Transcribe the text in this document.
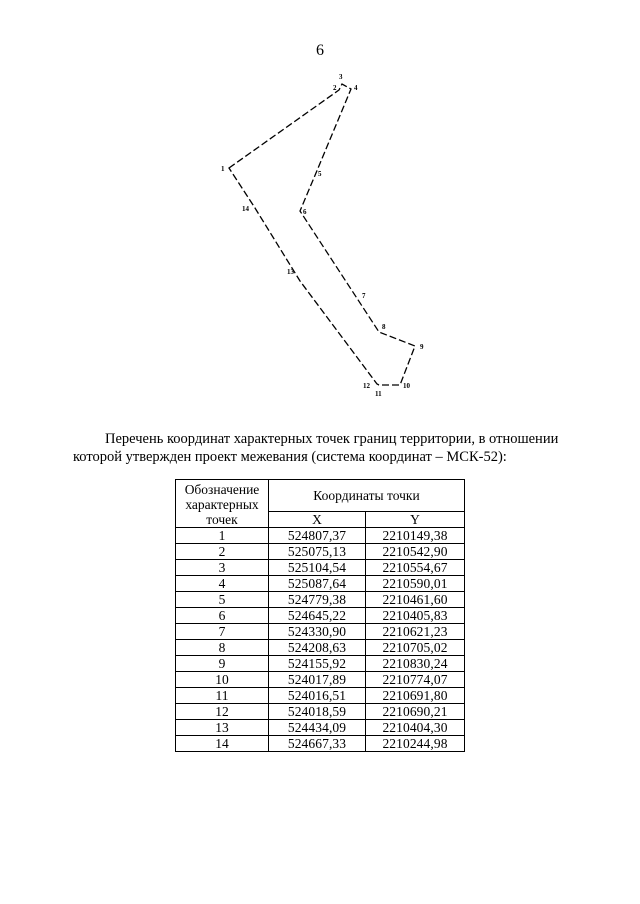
6
1
2
3
4
5
6
7
8
9
10
11
12
13
14
Перечень координат характерных точек границ территории, в отношении
которой утвержден проект межевания (система координат – МСК-52):
Обозначение характерных точек	Координаты точки	
	X	Y
1	524807,37	2210149,38
2	525075,13	2210542,90
3	525104,54	2210554,67
4	525087,64	2210590,01
5	524779,38	2210461,60
6	524645,22	2210405,83
7	524330,90	2210621,23
8	524208,63	2210705,02
9	524155,92	2210830,24
10	524017,89	2210774,07
11	524016,51	2210691,80
12	524018,59	2210690,21
13	524434,09	2210404,30
14	524667,33	2210244,98
